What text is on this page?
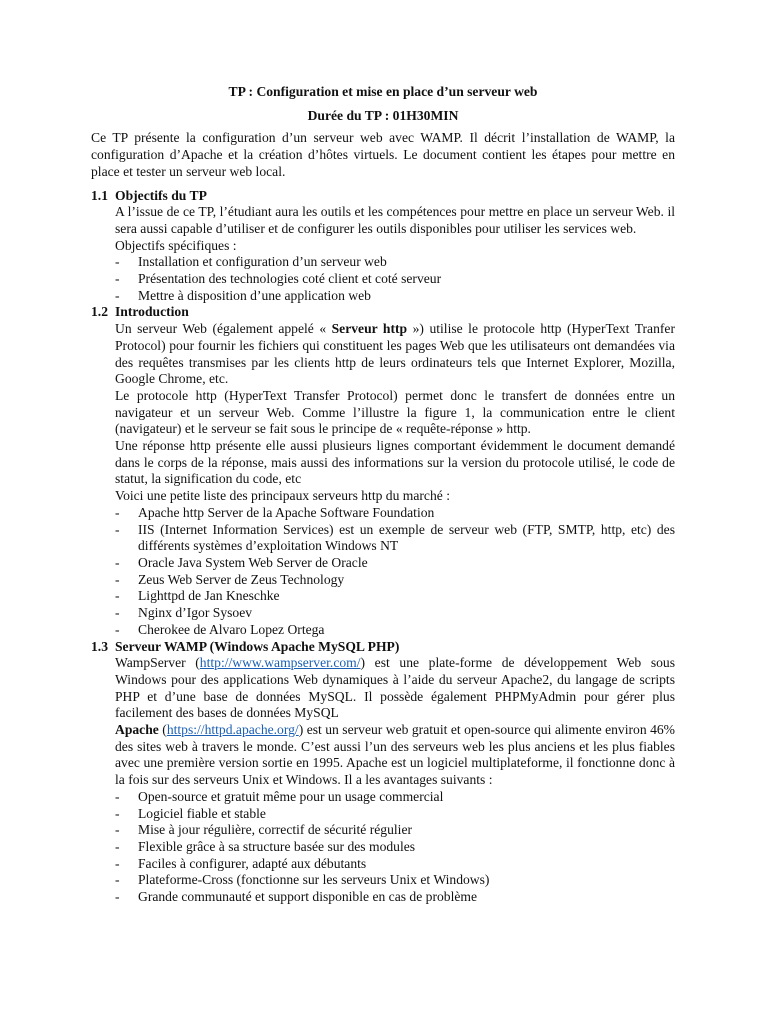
TP : Configuration et mise en place d’un serveur web
Durée du TP : 01H30MIN

Ce TP présente la configuration d’un serveur web avec WAMP. Il décrit l’installation de WAMP, la configuration d’Apache et la création d’hôtes virtuels. Le document contient les étapes pour mettre en place et tester un serveur web local.

1.1 Objectifs du TP

A l’issue de ce TP, l’étudiant aura les outils et les compétences pour mettre en place un serveur Web. il sera aussi capable d’utiliser et de configurer les outils disponibles pour utiliser les services web.

Objectifs spécifiques :

- Installation et configuration d’un serveur web
- Présentation des technologies coté client et coté serveur
- Mettre à disposition d’une application web
1.2 Introduction

Un serveur Web (également appelé « Serveur http ») utilise le protocole http (HyperText Tranfer Protocol) pour fournir les fichiers qui constituent les pages Web que les utilisateurs ont demandées via des requêtes transmises par les clients http de leurs ordinateurs tels que Internet Explorer, Mozilla, Google Chrome, etc.

Le protocole http (HyperText Transfer Protocol) permet donc le transfert de données entre un navigateur et un serveur Web. Comme l’illustre la figure 1, la communication entre le client (navigateur) et le serveur se fait sous le principe de « requête-réponse » http.

Une réponse http présente elle aussi plusieurs lignes comportant évidemment le document demandé dans le corps de la réponse, mais aussi des informations sur la version du protocole utilisé, le code de statut, la signification du code, etc

Voici une petite liste des principaux serveurs http du marché :

- Apache http Server de la Apache Software Foundation
- IIS (Internet Information Services) est un exemple de serveur web (FTP, SMTP, http, etc) des différents systèmes d’exploitation Windows NT
- Oracle Java System Web Server de Oracle
- Zeus Web Server de Zeus Technology
- Lighttpd de Jan Kneschke
- Nginx d’Igor Sysoev
- Cherokee de Alvaro Lopez Ortega
1.3 Serveur WAMP (Windows Apache MySQL PHP)

WampServer (http://www.wampserver.com/) est une plate-forme de développement Web sous Windows pour des applications Web dynamiques à l’aide du serveur Apache2, du langage de scripts PHP et d’une base de données MySQL. Il possède également PHPMyAdmin pour gérer plus facilement des bases de données MySQL

Apache (https://httpd.apache.org/) est un serveur web gratuit et open-source qui alimente environ 46% des sites web à travers le monde. C’est aussi l’un des serveurs web les plus anciens et les plus fiables avec une première version sortie en 1995. Apache est un logiciel multiplateforme, il fonctionne donc à la fois sur des serveurs Unix et Windows. Il a les avantages suivants :

- Open-source et gratuit même pour un usage commercial
- Logiciel fiable et stable
- Mise à jour régulière, correctif de sécurité régulier
- Flexible grâce à sa structure basée sur des modules
- Faciles à configurer, adapté aux débutants
- Plateforme-Cross (fonctionne sur les serveurs Unix et Windows)
- Grande communauté et support disponible en cas de problème
